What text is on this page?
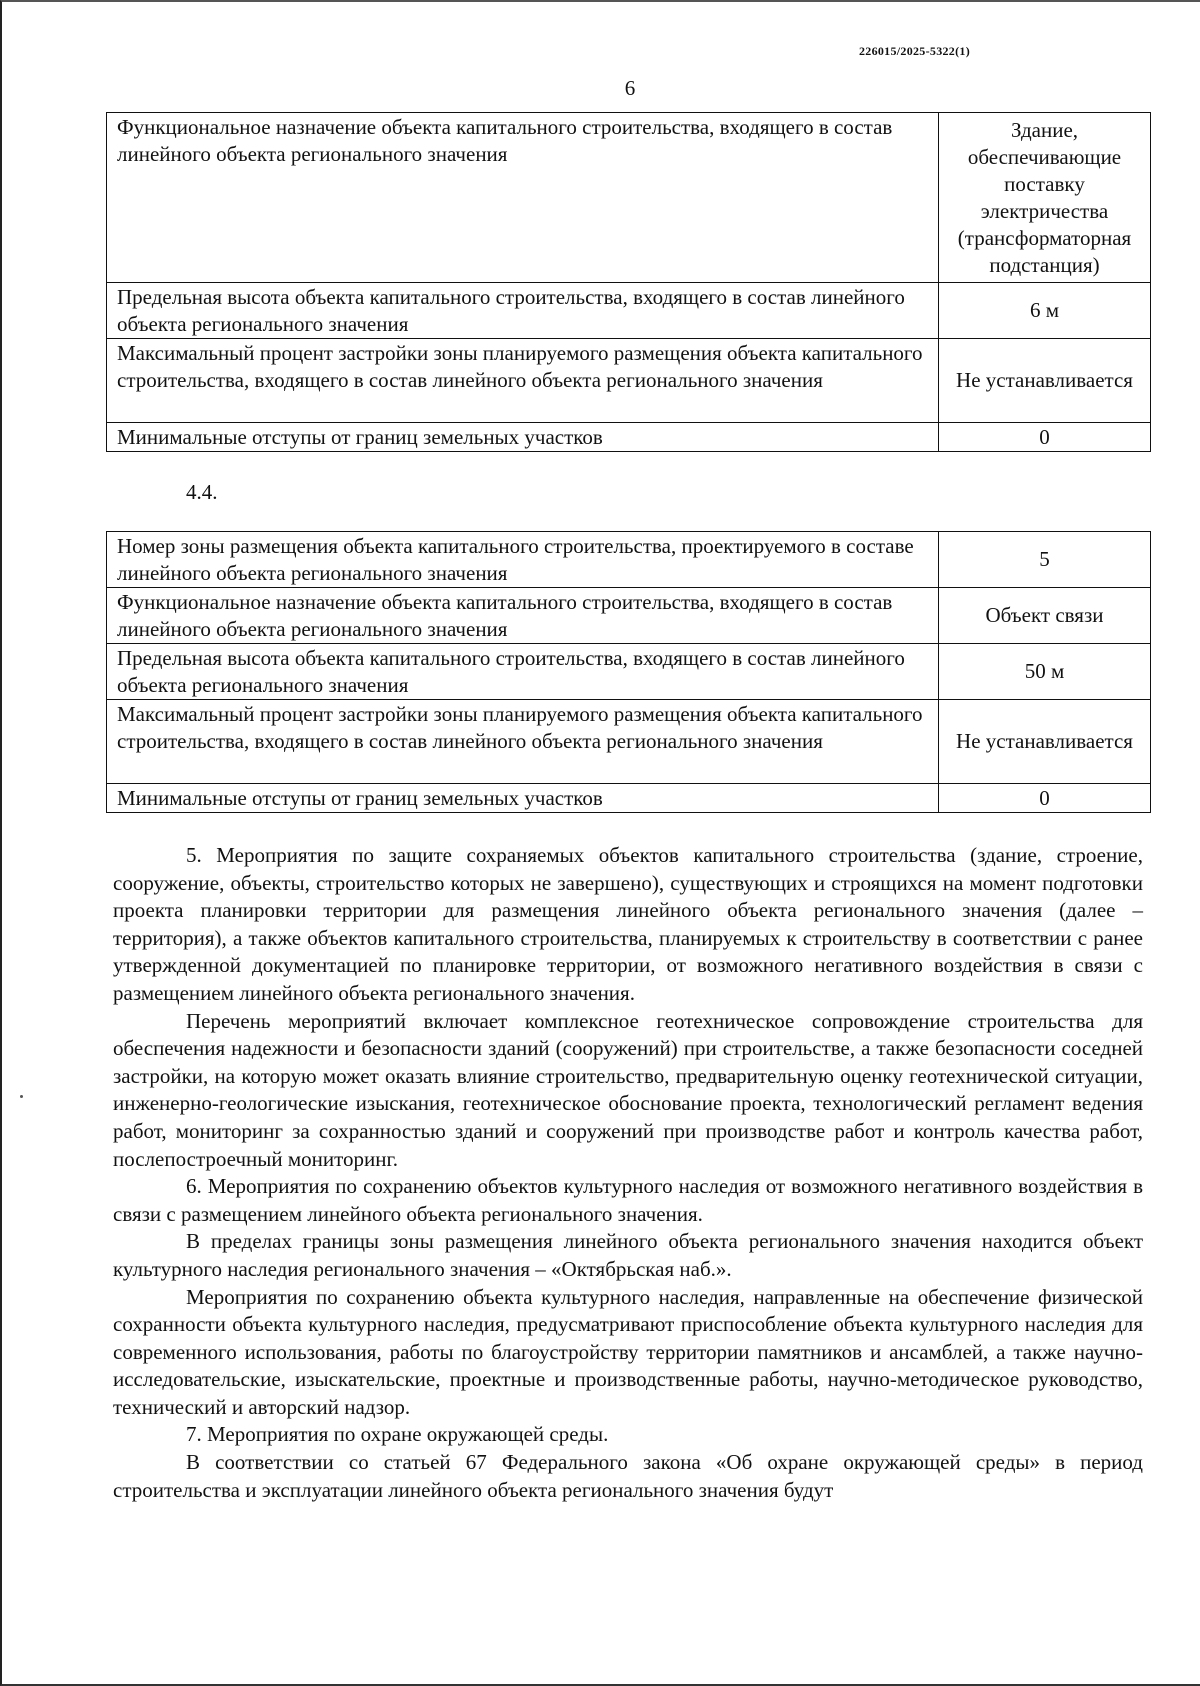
226015/2025-5322(1)
6
Функциональное назначение объекта капитального строительства, входящего в состав линейного объекта регионального значения	Здание, обеспечивающие поставку электричества (трансформаторная подстанция)
Предельная высота объекта капитального строительства, входящего в состав линейного объекта регионального значения	6 м
Максимальный процент застройки зоны планируемого размещения объекта капитального строительства, входящего в состав линейного объекта регионального значения	Не устанавливается
Минимальные отступы от границ земельных участков	0
4.4.
Номер зоны размещения объекта капитального строительства, проектируемого в составе линейного объекта регионального значения	5
Функциональное назначение объекта капитального строительства, входящего в состав линейного объекта регионального значения	Объект связи
Предельная высота объекта капитального строительства, входящего в состав линейного объекта регионального значения	50 м
Максимальный процент застройки зоны планируемого размещения объекта капитального строительства, входящего в состав линейного объекта регионального значения	Не устанавливается
Минимальные отступы от границ земельных участков	0

5. Мероприятия по защите сохраняемых объектов капитального строительства (здание, строение, сооружение, объекты, строительство которых не завершено), существующих и строящихся на момент подготовки проекта планировки территории для размещения линейного объекта регионального значения (далее – территория), а также объектов капитального строительства, планируемых к строительству в соответствии с ранее утвержденной документацией по планировке территории, от возможного негативного воздействия в связи с размещением линейного объекта регионального значения.

Перечень мероприятий включает комплексное геотехническое сопровождение строительства для обеспечения надежности и безопасности зданий (сооружений) при строительстве, а также безопасности соседней застройки, на которую может оказать влияние строительство, предварительную оценку геотехнической ситуации, инженерно-геологические изыскания, геотехническое обоснование проекта, технологический регламент ведения работ, мониторинг за сохранностью зданий и сооружений при производстве работ и контроль качества работ, послепостроечный мониторинг.

6. Мероприятия по сохранению объектов культурного наследия от возможного негативного воздействия в связи с размещением линейного объекта регионального значения.

В пределах границы зоны размещения линейного объекта регионального значения находится объект культурного наследия регионального значения – «Октябрьская наб.».

Мероприятия по сохранению объекта культурного наследия, направленные на обеспечение физической сохранности объекта культурного наследия, предусматривают приспособление объекта культурного наследия для современного использования, работы по благоустройству территории памятников и ансамблей, а также научно-исследовательские, изыскательские, проектные и производственные работы, научно-методическое руководство, технический и авторский надзор.

7. Мероприятия по охране окружающей среды.

В соответствии со статьей 67 Федерального закона «Об охране окружающей среды» в период строительства и эксплуатации линейного объекта регионального значения будут
